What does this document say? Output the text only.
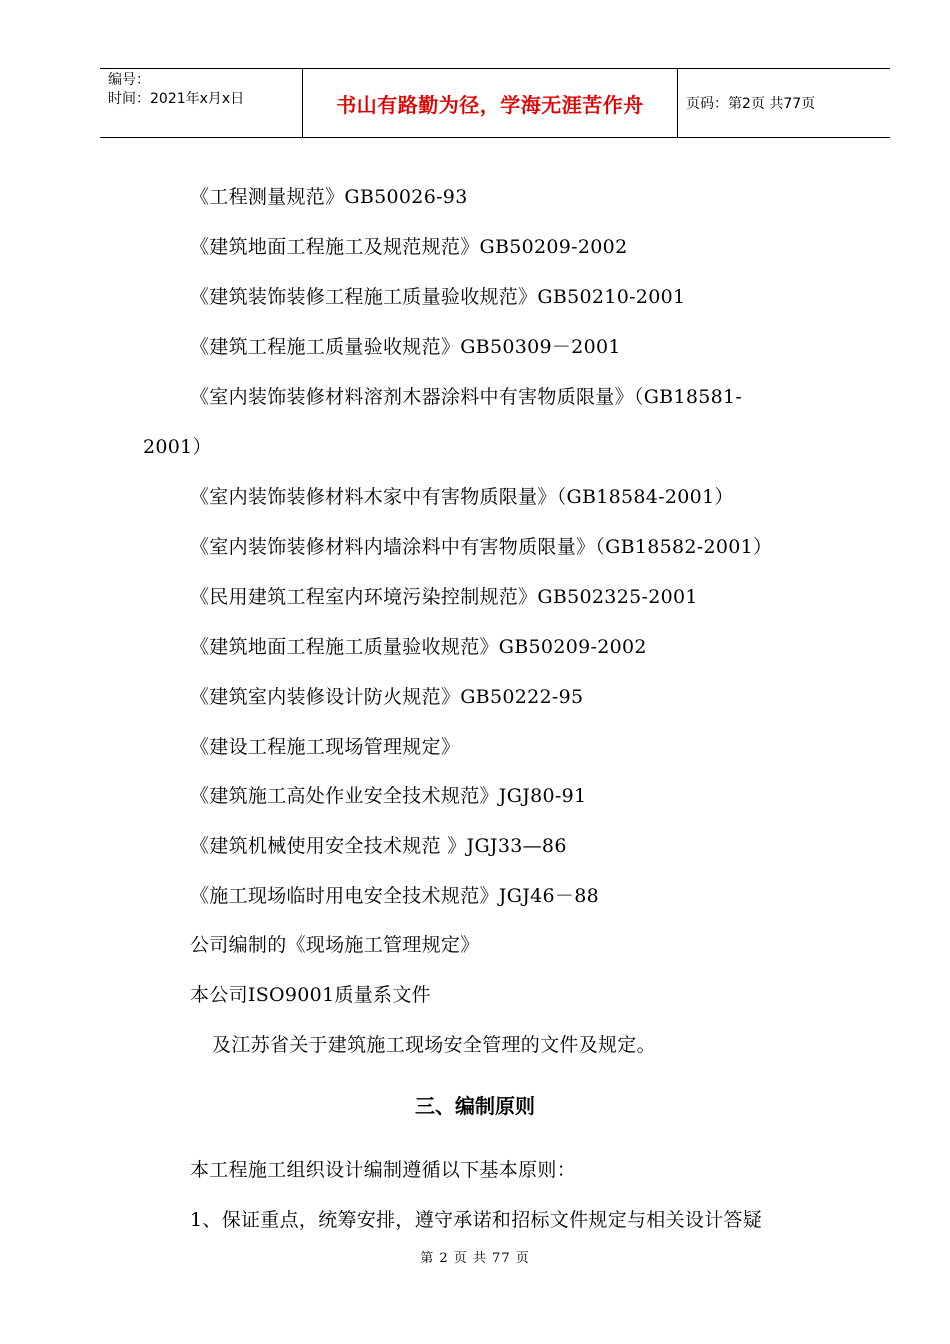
编号：
时间：2021年x月x日	书山有路勤为径，学海无涯苦作舟	页码：第2页 共77页
《工程测量规范》GB50026-93
《建筑地面工程施工及规范规范》GB50209-2002
《建筑装饰装修工程施工质量验收规范》GB50210-2001
《建筑工程施工质量验收规范》GB50309－2001
《室内装饰装修材料溶剂木器涂料中有害物质限量》（GB18581-
2001）
《室内装饰装修材料木家中有害物质限量》（GB18584-2001）
《室内装饰装修材料内墙涂料中有害物质限量》（GB18582-2001）
《民用建筑工程室内环境污染控制规范》GB502325-2001
《建筑地面工程施工质量验收规范》GB50209-2002
《建筑室内装修设计防火规范》GB50222-95
《建设工程施工现场管理规定》
《建筑施工高处作业安全技术规范》JGJ80-91
《建筑机械使用安全技术规范 》JGJ33—86
《施工现场临时用电安全技术规范》JGJ46－88
公司编制的《现场施工管理规定》
本公司ISO9001质量系文件
及江苏省关于建筑施工现场安全管理的文件及规定。
三、编制原则
本工程施工组织设计编制遵循以下基本原则：
1、保证重点，统筹安排，遵守承诺和招标文件规定与相关设计答疑
第 2 页 共 77 页
